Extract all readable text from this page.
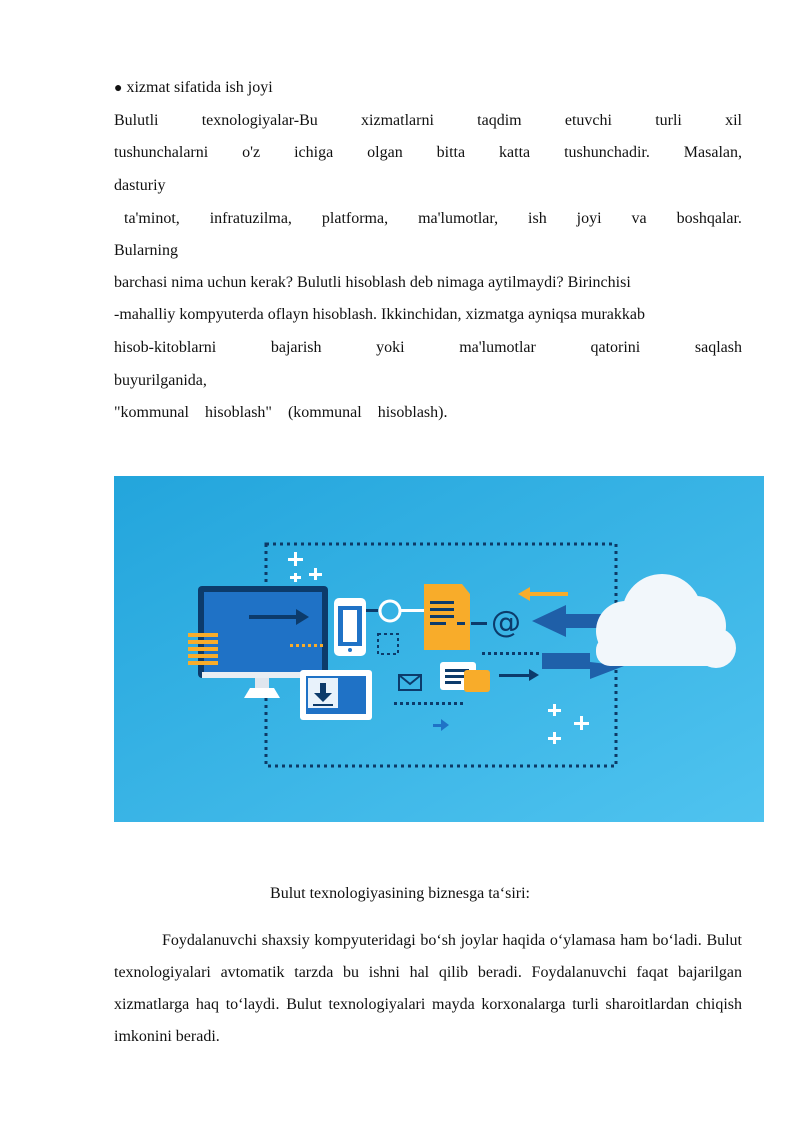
● xizmat sifatida ish joyi
Bulutli	texnologiyalar-Bu	xizmatlarni	taqdim	etuvchi	turli	xil
tushunchalarni o'z ichiga olgan bitta katta tushunchadir. Masalan,
dasturiy
ta'minot, infratuzilma, platforma, ma'lumotlar, ish joyi va boshqalar.
Bularning
barchasi nima uchun kerak? Bulutli hisoblash deb nimaga aytilmaydi? Birinchisi
-mahalliy kompyuterda oflayn hisoblash. Ikkinchidan, xizmatga ayniqsa murakkab
hisob-kitoblarni	bajarish	yoki	ma'lumotlar	qatorini	saqlash
buyurilganida,
"kommunal    hisoblash"    (kommunal    hisoblash).
@
Bulut texnologiyasining biznesga ta‘siri:
Foydalanuvchi shaxsiy kompyuteridagi bo‘sh joylar haqida o‘ylamasa ham bo‘ladi. Bulut texnologiyalari avtomatik tarzda bu ishni hal qilib beradi. Foydalanuvchi faqat bajarilgan xizmatlarga haq to‘laydi. Bulut texnologiyalari mayda korxonalarga turli sharoitlardan chiqish imkonini beradi.
